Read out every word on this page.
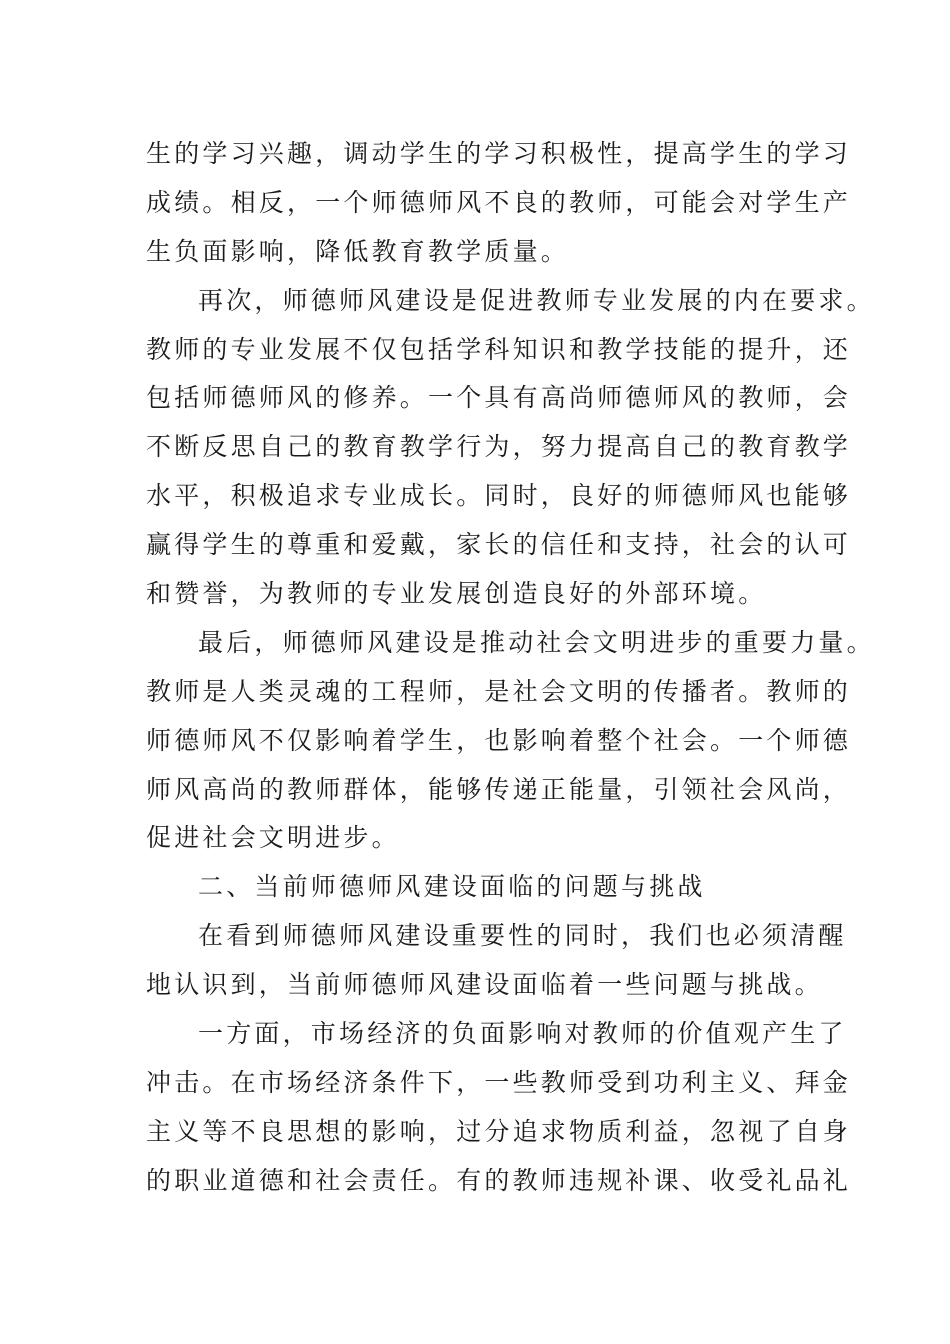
生的学习兴趣，调动学生的学习积极性，提高学生的学习
成绩。相反，一个师德师风不良的教师，可能会对学生产
生负面影响，降低教育教学质量。
再次，师德师风建设是促进教师专业发展的内在要求。
教师的专业发展不仅包括学科知识和教学技能的提升，还
包括师德师风的修养。一个具有高尚师德师风的教师，会
不断反思自己的教育教学行为，努力提高自己的教育教学
水平，积极追求专业成长。同时，良好的师德师风也能够
赢得学生的尊重和爱戴，家长的信任和支持，社会的认可
和赞誉，为教师的专业发展创造良好的外部环境。
最后，师德师风建设是推动社会文明进步的重要力量。
教师是人类灵魂的工程师，是社会文明的传播者。教师的
师德师风不仅影响着学生，也影响着整个社会。一个师德
师风高尚的教师群体，能够传递正能量，引领社会风尚，
促进社会文明进步。
二、当前师德师风建设面临的问题与挑战
在看到师德师风建设重要性的同时，我们也必须清醒
地认识到，当前师德师风建设面临着一些问题与挑战。
一方面，市场经济的负面影响对教师的价值观产生了
冲击。在市场经济条件下，一些教师受到功利主义、拜金
主义等不良思想的影响，过分追求物质利益，忽视了自身
的职业道德和社会责任。有的教师违规补课、收受礼品礼
